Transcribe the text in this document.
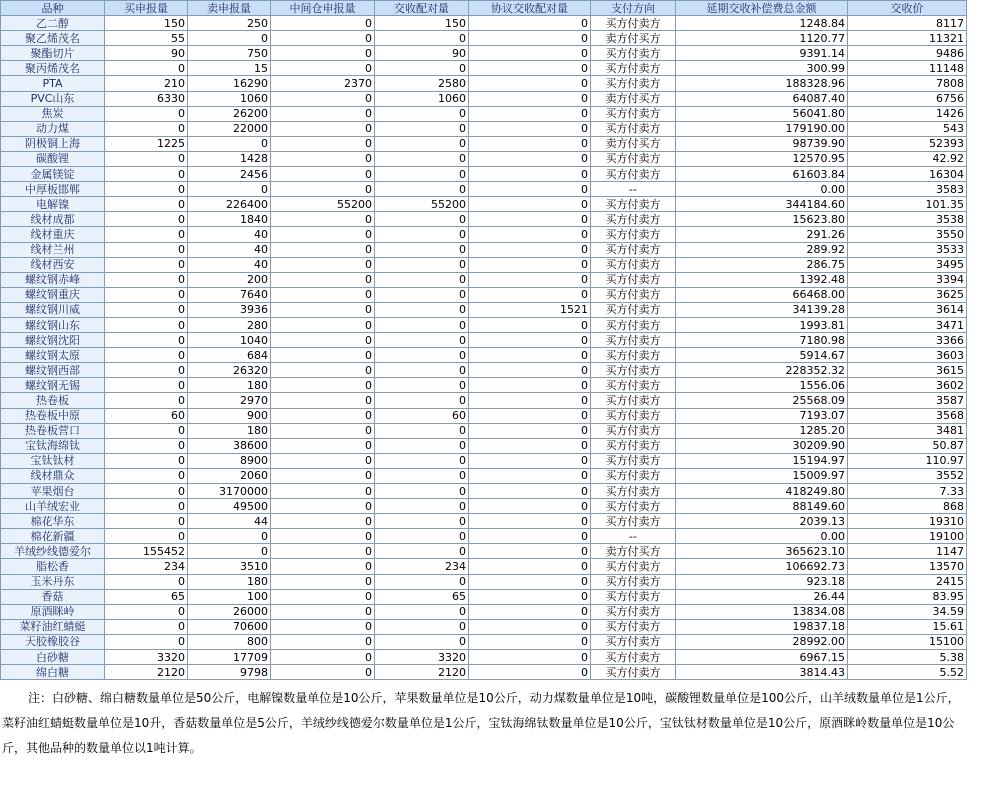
品种	买申报量	卖申报量	中间仓申报量	交收配对量	协议交收配对量	支付方向	延期交收补偿费总金额	交收价
乙二醇	150	250	0	150	0	买方付卖方	1248.84	8117
聚乙烯茂名	55	0	0	0	0	卖方付买方	1120.77	11321
聚酯切片	90	750	0	90	0	买方付卖方	9391.14	9486
聚丙烯茂名	0	15	0	0	0	买方付卖方	300.99	11148
PTA	210	16290	2370	2580	0	买方付卖方	188328.96	7808
PVC山东	6330	1060	0	1060	0	卖方付买方	64087.40	6756
焦炭	0	26200	0	0	0	买方付卖方	56041.80	1426
动力煤	0	22000	0	0	0	买方付卖方	179190.00	543
阴极铜上海	1225	0	0	0	0	卖方付买方	98739.90	52393
碳酸锂	0	1428	0	0	0	买方付卖方	12570.95	42.92
金属镁锭	0	2456	0	0	0	买方付卖方	61603.84	16304
中厚板邯郸	0	0	0	0	0	--	0.00	3583
电解镍	0	226400	55200	55200	0	买方付卖方	344184.60	101.35
线材成都	0	1840	0	0	0	买方付卖方	15623.80	3538
线材重庆	0	40	0	0	0	买方付卖方	291.26	3550
线材兰州	0	40	0	0	0	买方付卖方	289.92	3533
线材西安	0	40	0	0	0	买方付卖方	286.75	3495
螺纹钢赤峰	0	200	0	0	0	买方付卖方	1392.48	3394
螺纹钢重庆	0	7640	0	0	0	买方付卖方	66468.00	3625
螺纹钢川威	0	3936	0	0	1521	买方付卖方	34139.28	3614
螺纹钢山东	0	280	0	0	0	买方付卖方	1993.81	3471
螺纹钢沈阳	0	1040	0	0	0	买方付卖方	7180.98	3366
螺纹钢太原	0	684	0	0	0	买方付卖方	5914.67	3603
螺纹钢西部	0	26320	0	0	0	买方付卖方	228352.32	3615
螺纹钢无锡	0	180	0	0	0	买方付卖方	1556.06	3602
热卷板	0	2970	0	0	0	买方付卖方	25568.09	3587
热卷板中原	60	900	0	60	0	买方付卖方	7193.07	3568
热卷板营口	0	180	0	0	0	买方付卖方	1285.20	3481
宝钛海绵钛	0	38600	0	0	0	买方付卖方	30209.90	50.87
宝钛钛材	0	8900	0	0	0	买方付卖方	15194.97	110.97
线材鼎众	0	2060	0	0	0	买方付卖方	15009.97	3552
苹果烟台	0	3170000	0	0	0	买方付卖方	418249.80	7.33
山羊绒宏业	0	49500	0	0	0	买方付卖方	88149.60	868
棉花华东	0	44	0	0	0	买方付卖方	2039.13	19310
棉花新疆	0	0	0	0	0	--	0.00	19100
羊绒纱线德爱尔	155452	0	0	0	0	卖方付买方	365623.10	1147
脂松香	234	3510	0	234	0	买方付卖方	106692.73	13570
玉米丹东	0	180	0	0	0	买方付卖方	923.18	2415
香菇	65	100	0	65	0	买方付卖方	26.44	83.95
原酒眯岭	0	26000	0	0	0	买方付卖方	13834.08	34.59
菜籽油红蜻蜓	0	70600	0	0	0	买方付卖方	19837.18	15.61
天胶橡胶谷	0	800	0	0	0	买方付卖方	28992.00	15100
白砂糖	3320	17709	0	3320	0	买方付卖方	6967.15	5.38
绵白糖	2120	9798	0	2120	0	买方付卖方	3814.43	5.52

注：白砂糖、绵白糖数量单位是50公斤，电解镍数量单位是10公斤，苹果数量单位是10公斤，动力煤数量单位是10吨，碳酸锂数量单位是100公斤，山羊绒数量单位是1公斤，菜籽油红蜻蜓数量单位是10升，香菇数量单位是5公斤，羊绒纱线德爱尔数量单位是1公斤，宝钛海绵钛数量单位是10公斤，宝钛钛材数量单位是10公斤，原酒眯岭数量单位是10公斤，其他品种的数量单位以1吨计算。
